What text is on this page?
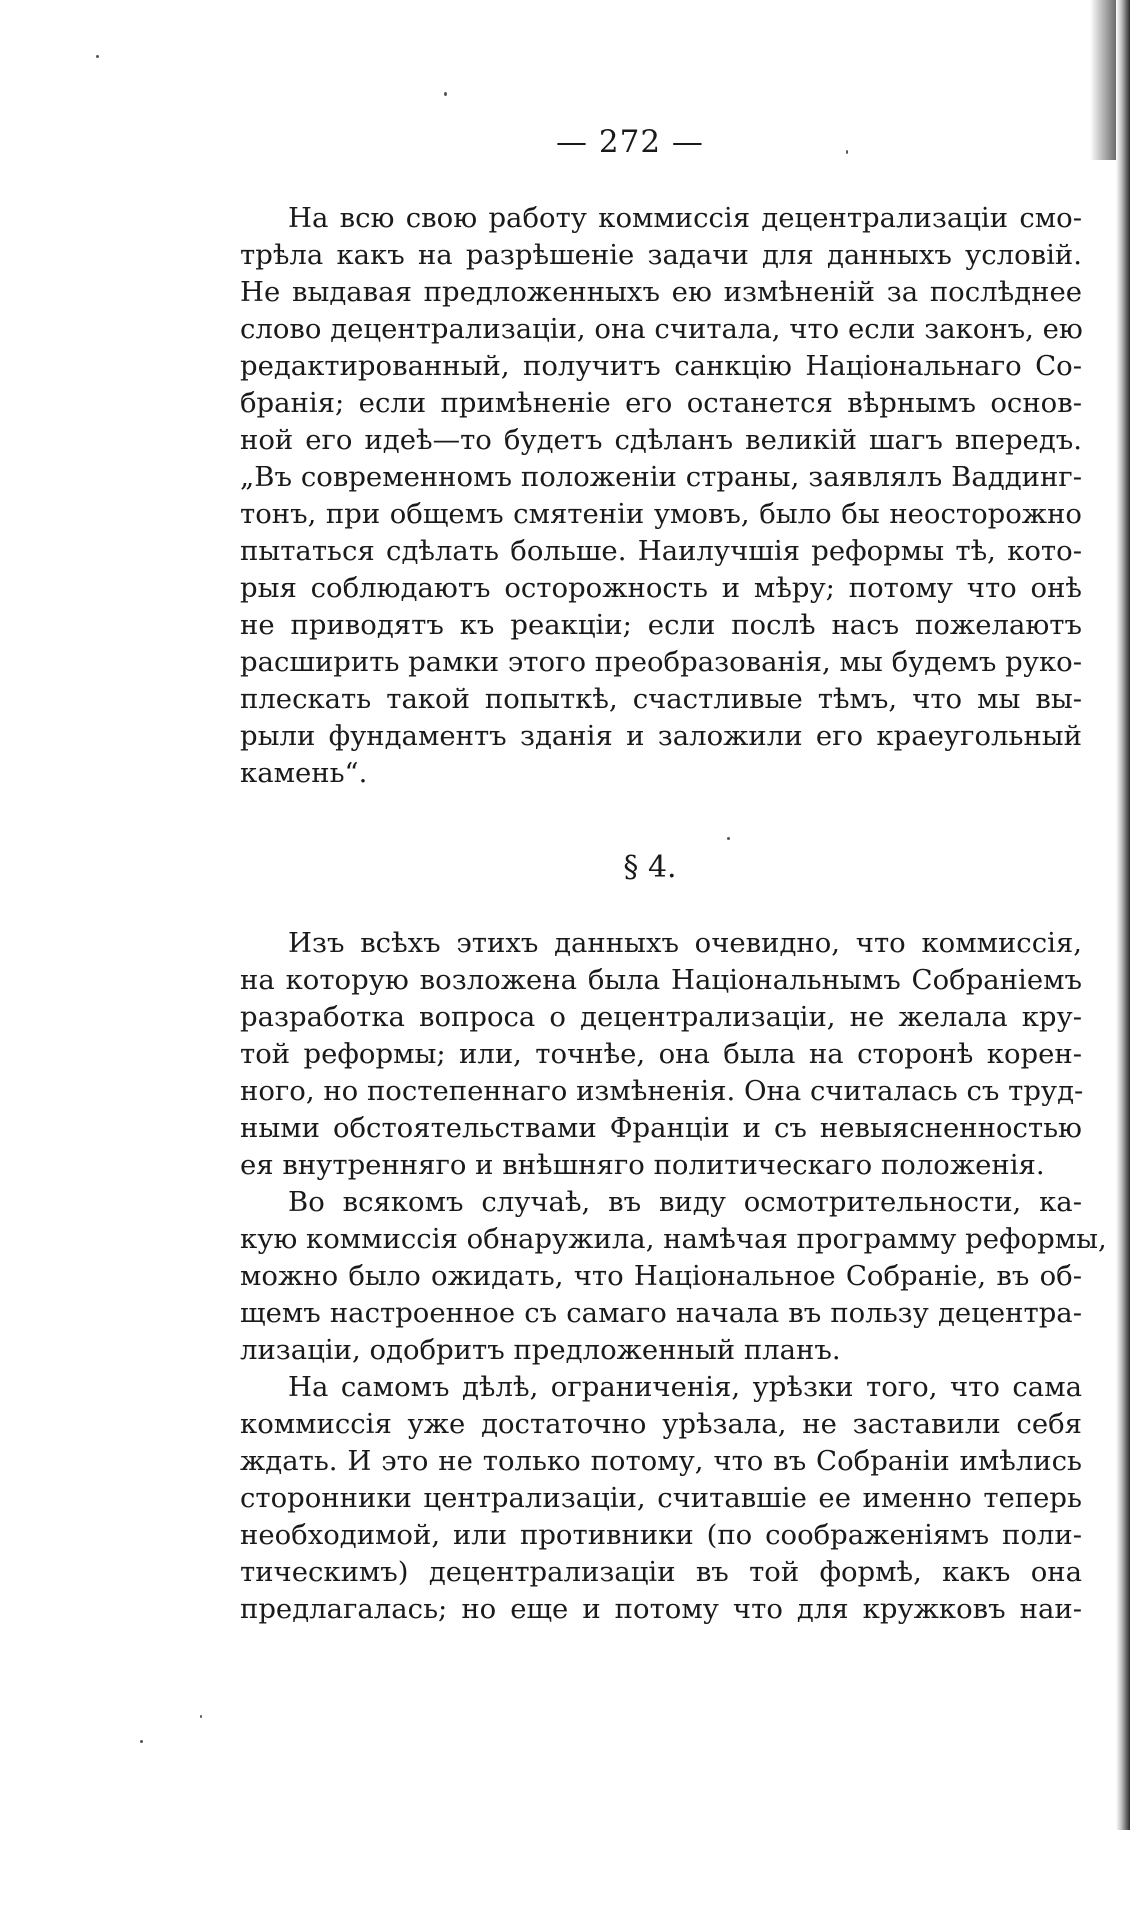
— 272 —
На всю свою работу коммиссія децентрализаціи смо-
трѣла какъ на разрѣшеніе задачи для данныхъ условій.
Не выдавая предложенныхъ ею измѣненій за послѣднее
слово децентрализаціи, она считала, что если законъ, ею
редактированный, получитъ санкцію Національнаго Со-
бранія; если примѣненіе его останется вѣрнымъ основ-
ной его идеѣ—то будетъ сдѣланъ великій шагъ впередъ.
„Въ современномъ положеніи страны, заявлялъ Ваддинг-
тонъ, при общемъ смятеніи умовъ, было бы неосторожно
пытаться сдѣлать больше. Наилучшія реформы тѣ, кото-
рыя соблюдаютъ осторожность и мѣру; потому что онѣ
не приводятъ къ реакціи; если послѣ насъ пожелаютъ
расширить рамки этого преобразованія, мы будемъ руко-
плескать такой попыткѣ, счастливые тѣмъ, что мы вы-
рыли фундаментъ зданія и заложили его краеугольный
камень“.
§ 4.
Изъ всѣхъ этихъ данныхъ очевидно, что коммиссія,
на которую возложена была Національнымъ Собраніемъ
разработка вопроса о децентрализаціи, не желала кру-
той реформы; или, точнѣе, она была на сторонѣ корен-
ного, но постепеннаго измѣненія. Она считалась съ труд-
ными обстоятельствами Франціи и съ невыясненностью
ея внутренняго и внѣшняго политическаго положенія.
Во всякомъ случаѣ, въ виду осмотрительности, ка-
кую коммиссія обнаружила, намѣчая программу реформы,
можно было ожидать, что Національное Собраніе, въ об-
щемъ настроенное съ самаго начала въ пользу децентра-
лизаціи, одобритъ предложенный планъ.
На самомъ дѣлѣ, ограниченія, урѣзки того, что сама
коммиссія уже достаточно урѣзала, не заставили себя
ждать. И это не только потому, что въ Собраніи имѣлись
сторонники централизаціи, считавшіе ее именно теперь
необходимой, или противники (по соображеніямъ поли-
тическимъ) децентрализаціи въ той формѣ, какъ она
предлагалась; но еще и потому что для кружковъ наи-
